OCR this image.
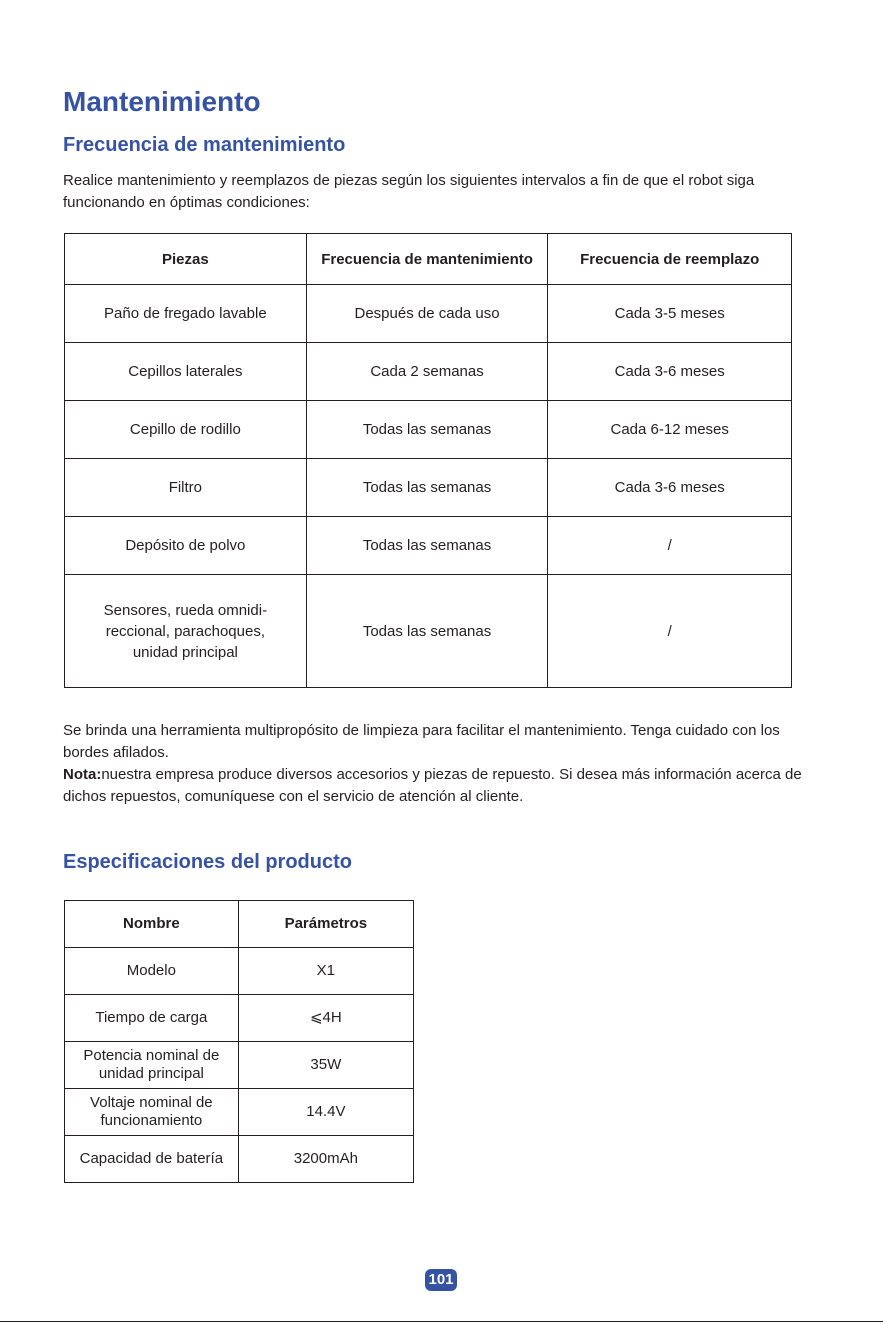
Mantenimiento
Frecuencia de mantenimiento

Realice mantenimiento y reemplazos de piezas según los siguientes intervalos a fin de que el robot siga funcionando en óptimas condiciones:

Piezas	Frecuencia de mantenimiento	Frecuencia de reemplazo
Paño de fregado lavable	Después de cada uso	Cada 3-5 meses
Cepillos laterales	Cada 2 semanas	Cada 3-6 meses
Cepillo de rodillo	Todas las semanas	Cada 6-12 meses
Filtro	Todas las semanas	Cada 3-6 meses
Depósito de polvo	Todas las semanas	/
Sensores, rueda omnidi-reccional, parachoques, unidad principal	Todas las semanas	/

Se brinda una herramienta multipropósito de limpieza para facilitar el mantenimiento. Tenga cuidado con los bordes afilados.

Nota:nuestra empresa produce diversos accesorios y piezas de repuesto. Si desea más información acerca de dichos repuestos, comuníquese con el servicio de atención al cliente.

Especificaciones del producto
Nombre	Parámetros
Modelo	X1
Tiempo de carga	⩽4H
Potencia nominal de unidad principal	35W
Voltaje nominal de funcionamiento	14.4V
Capacidad de batería	3200mAh
101
